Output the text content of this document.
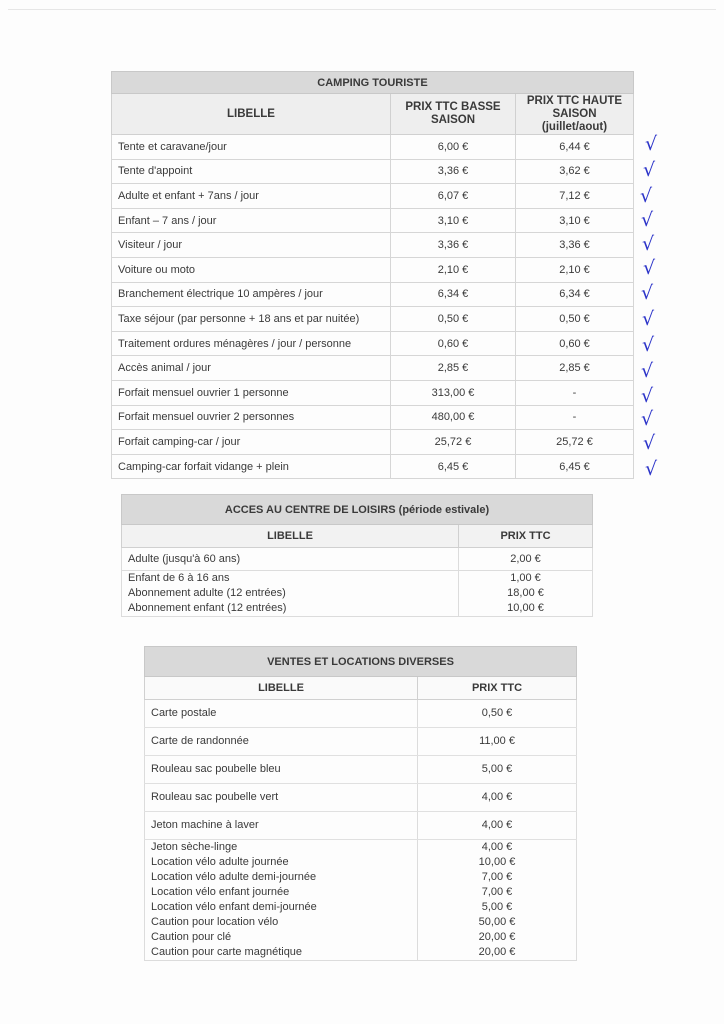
CAMPING TOURISTE		
LIBELLE	PRIX TTC BASSE SAISON	PRIX TTC HAUTE SAISON (juillet/aout)
Tente et caravane/jour	6,00 €	6,44 €
Tente d'appoint	3,36 €	3,62 €
Adulte et enfant + 7ans / jour	6,07 €	7,12 €
Enfant – 7 ans / jour	3,10 €	3,10 €
Visiteur / jour	3,36 €	3,36 €
Voiture ou moto	2,10 €	2,10 €
Branchement électrique 10 ampères / jour	6,34 €	6,34 €
Taxe séjour (par personne + 18 ans et par nuitée)	0,50 €	0,50 €
Traitement ordures ménagères / jour / personne	0,60 €	0,60 €
Accès animal / jour	2,85 €	2,85 €
Forfait mensuel ouvrier 1 personne	313,00 €	-
Forfait mensuel ouvrier 2 personnes	480,00 €	-
Forfait camping-car / jour	25,72 €	25,72 €
Camping-car forfait vidange + plein	6,45 €	6,45 €
√
√
√
√
√
√
√
√
√
√
√
√
√
√
ACCES AU CENTRE DE LOISIRS (période estivale)	
LIBELLE	PRIX TTC
Adulte (jusqu'à 60 ans)	2,00 €
Enfant de 6 à 16 ans	1,00 €
Abonnement adulte (12 entrées)	18,00 €
Abonnement enfant (12 entrées)	10,00 €
VENTES ET LOCATIONS DIVERSES	
LIBELLE	PRIX TTC
Carte postale	0,50 €
Carte de randonnée	11,00 €
Rouleau sac poubelle bleu	5,00 €
Rouleau sac poubelle vert	4,00 €
Jeton machine à laver	4,00 €
Jeton sèche-linge	4,00 €
Location vélo adulte journée	10,00 €
Location vélo adulte demi-journée	7,00 €
Location vélo enfant journée	7,00 €
Location vélo enfant demi-journée	5,00 €
Caution pour location vélo	50,00 €
Caution pour clé	20,00 €
Caution pour carte magnétique	20,00 €
